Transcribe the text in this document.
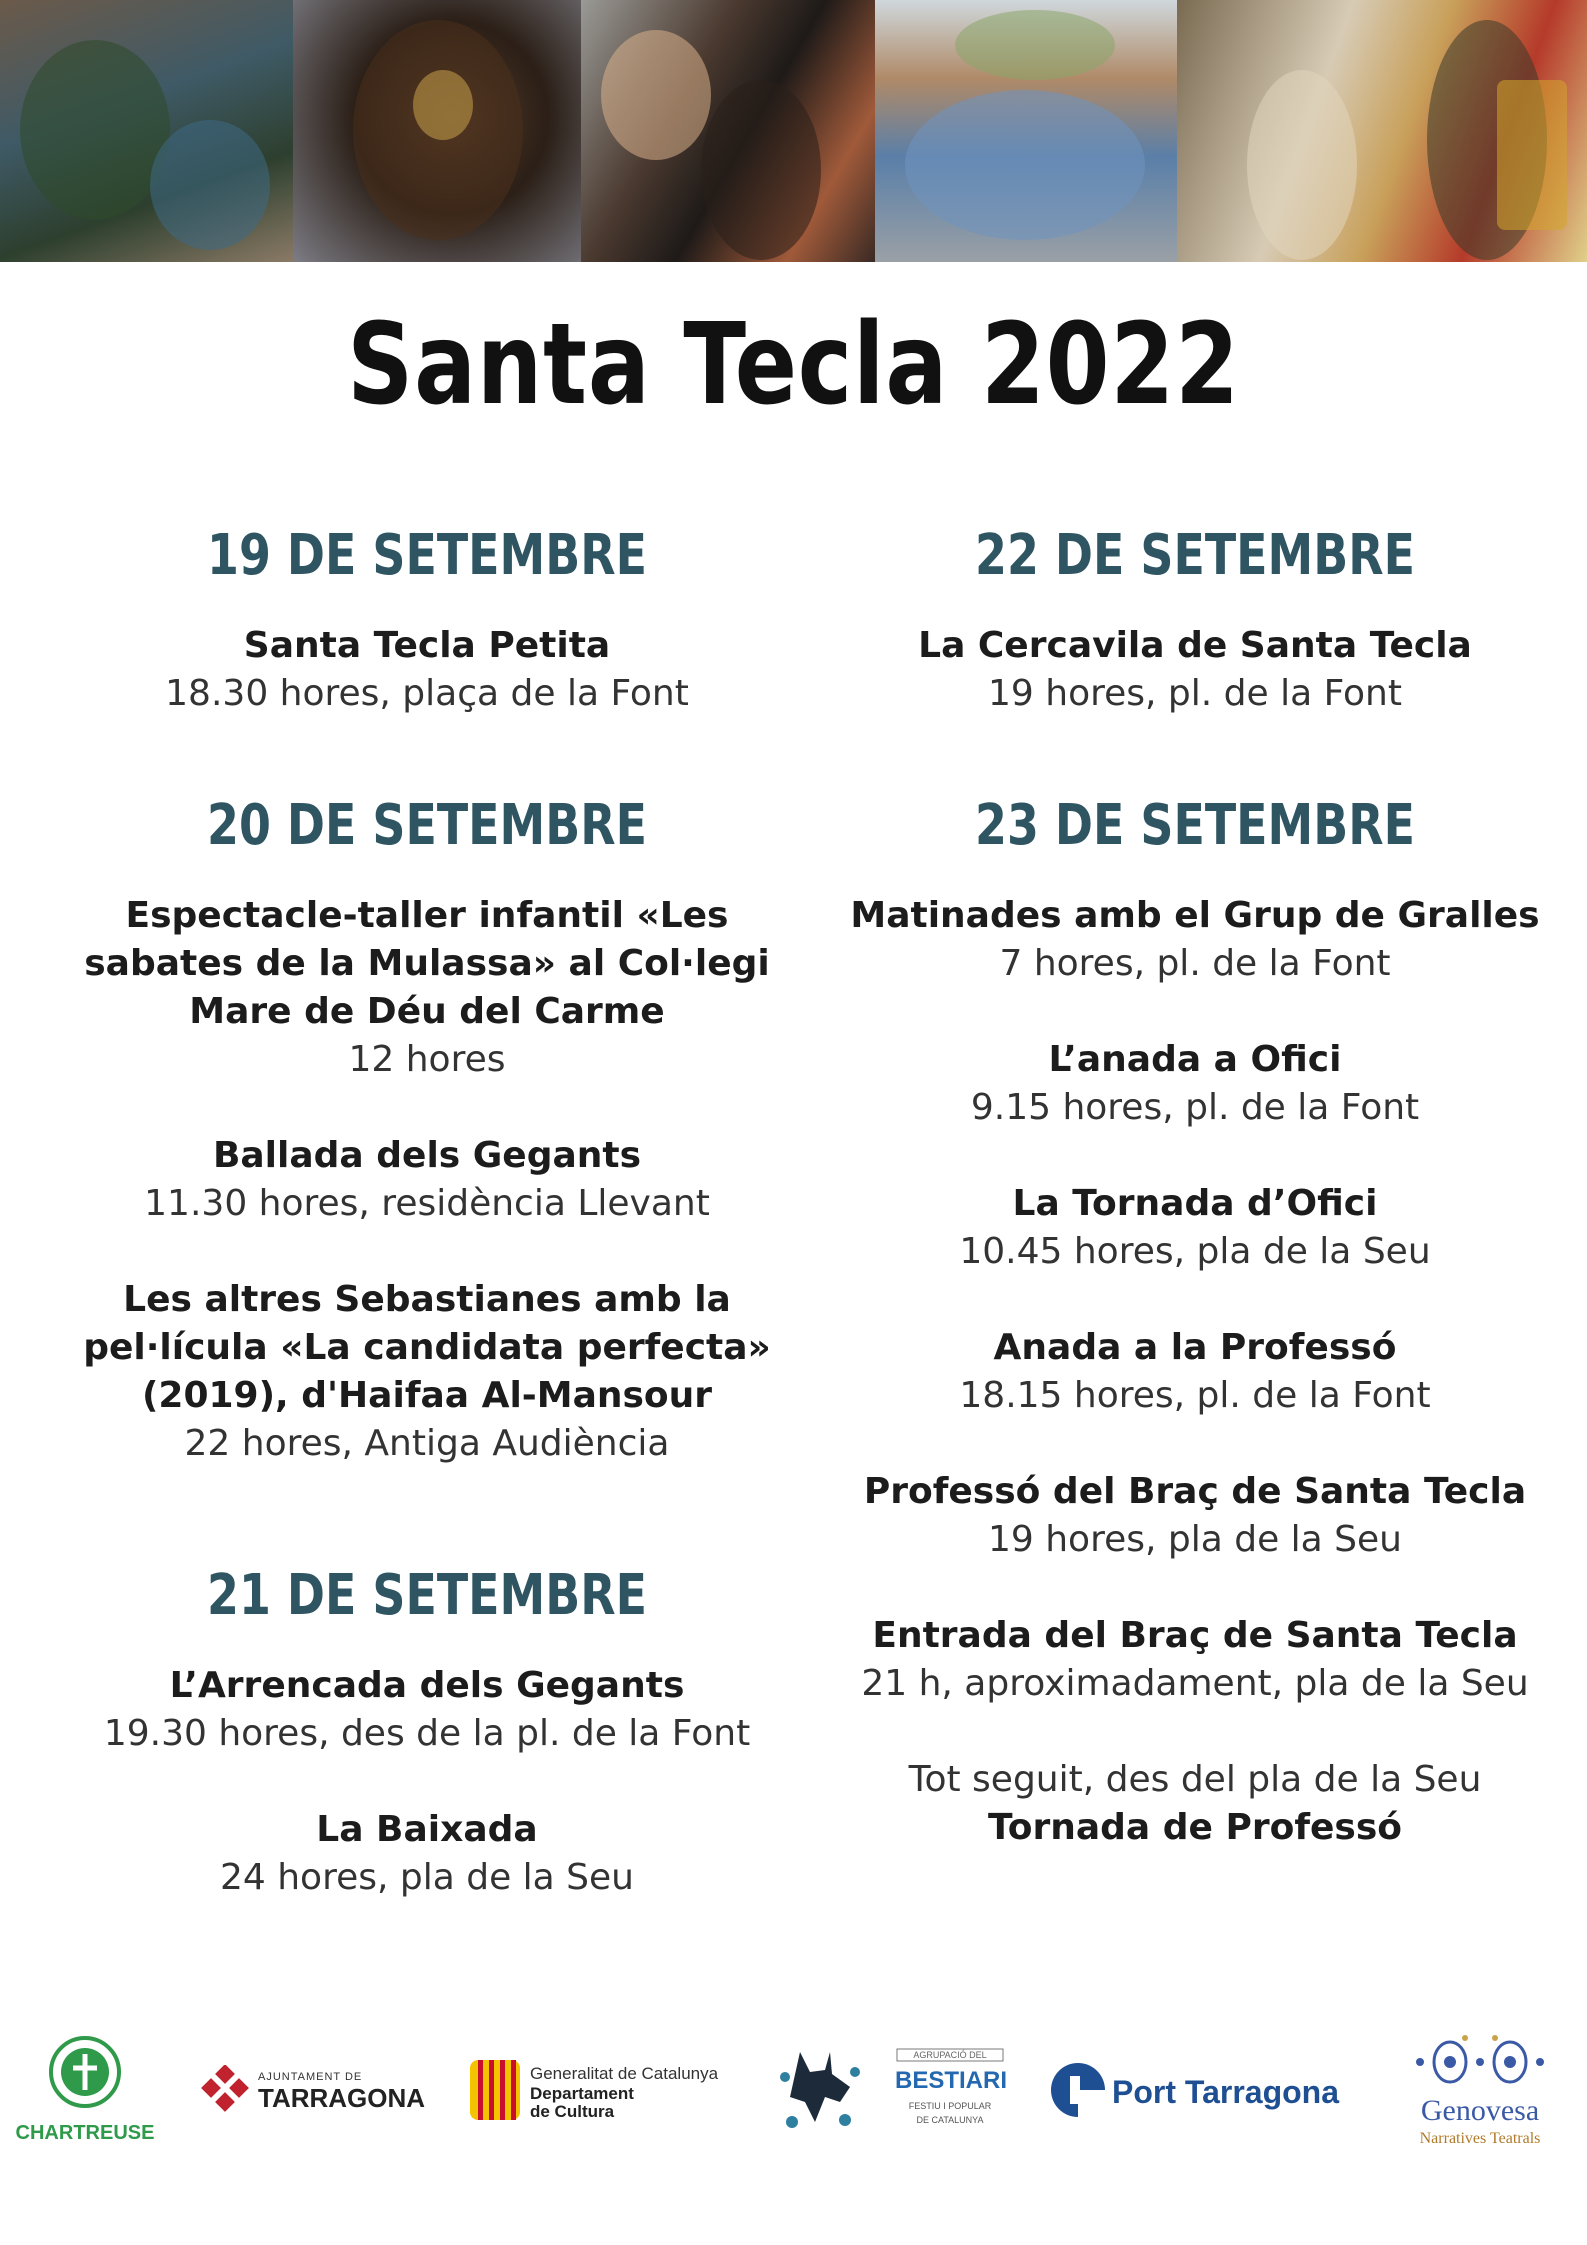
Santa Tecla 2022
19 DE SETEMBRE
Santa Tecla Petita
18.30 hores, plaça de la Font
20 DE SETEMBRE
Espectacle-taller infantil «Les sabates de la Mulassa» al Col·legi Mare de Déu del Carme
12 hores
Ballada dels Gegants
11.30 hores, residència Llevant
Les altres Sebastianes amb la pel·lícula «La candidata perfecta» (2019), d'Haifaa Al-Mansour
22 hores, Antiga Audiència
21 DE SETEMBRE
L’Arrencada dels Gegants
19.30 hores, des de la pl. de la Font
La Baixada
24 hores, pla de la Seu
22 DE SETEMBRE
La Cercavila de Santa Tecla
19 hores, pl. de la Font
23 DE SETEMBRE
Matinades amb el Grup de Gralles
7 hores, pl. de la Font
L’anada a Ofici
9.15 hores, pl. de la Font
La Tornada d’Ofici
10.45 hores, pla de la Seu
Anada a la Professó
18.15 hores, pl. de la Font
Professó del Braç de Santa Tecla
19 hores, pla de la Seu
Entrada del Braç de Santa Tecla
21 h, aproximadament, pla de la Seu
Tot seguit, des del pla de la Seu
Tornada de Professó
CHARTREUSE
AJUNTAMENT DE
TARRAGONA
Generalitat de Catalunya
Departament
de Cultura
AGRUPACIÓ DEL
BESTIARI
FESTIU I POPULAR
DE CATALUNYA
Port Tarragona
Genovesa
Narratives Teatrals
